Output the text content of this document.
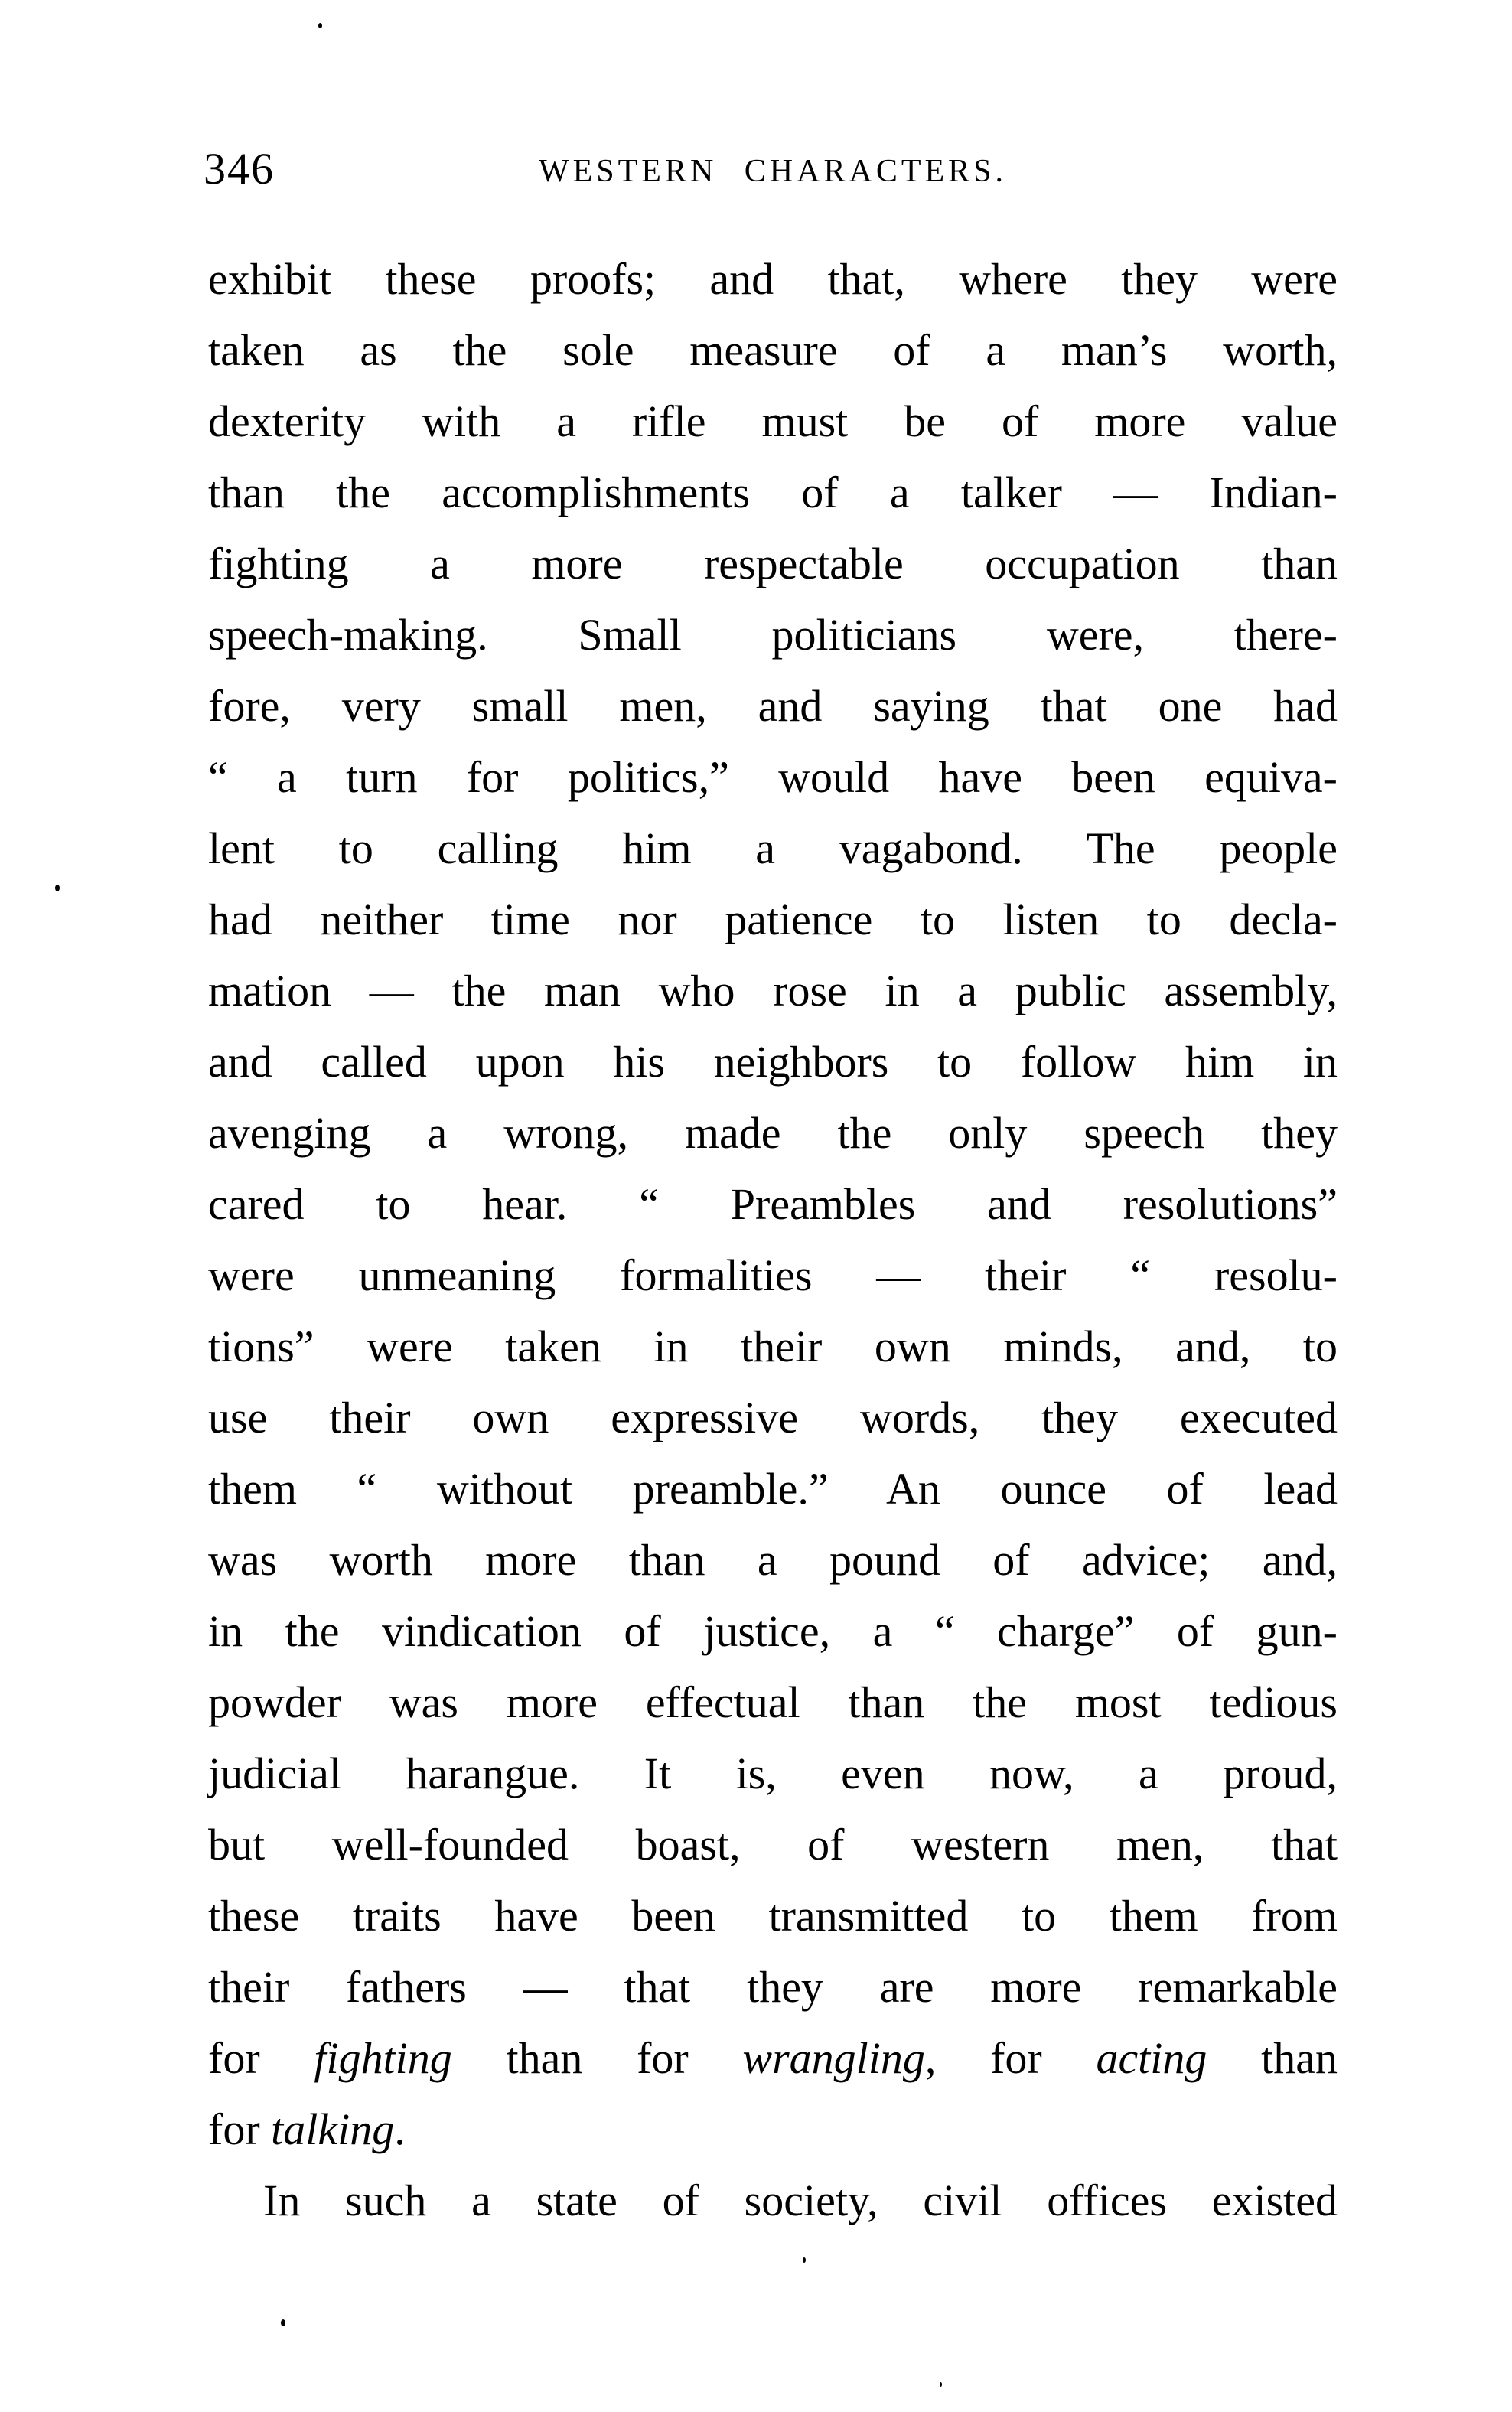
346	WESTERN CHARACTERS.
exhibit these proofs; and that, where they were
taken as the sole measure of a man’s worth,
dexterity with a rifle must be of more value
than the accomplishments of a talker — Indian-
fighting a more respectable occupation than
speech-making. Small politicians were, there-
fore, very small men, and saying that one had
“ a turn for politics,” would have been equiva-
lent to calling him a vagabond. The people
had neither time nor patience to listen to decla-
mation — the man who rose in a public assembly,
and called upon his neighbors to follow him in
avenging a wrong, made the only speech they
cared to hear. “ Preambles and resolutions”
were unmeaning formalities — their “ resolu-
tions” were taken in their own minds, and, to
use their own expressive words, they executed
them “ without preamble.” An ounce of lead
was worth more than a pound of advice; and,
in the vindication of justice, a “ charge” of gun-
powder was more effectual than the most tedious
judicial harangue. It is, even now, a proud,
but well-founded boast, of western men, that
these traits have been transmitted to them from
their fathers — that they are more remarkable
for fighting than for wrangling, for acting than
for talking.
In such a state of society, civil offices existed
